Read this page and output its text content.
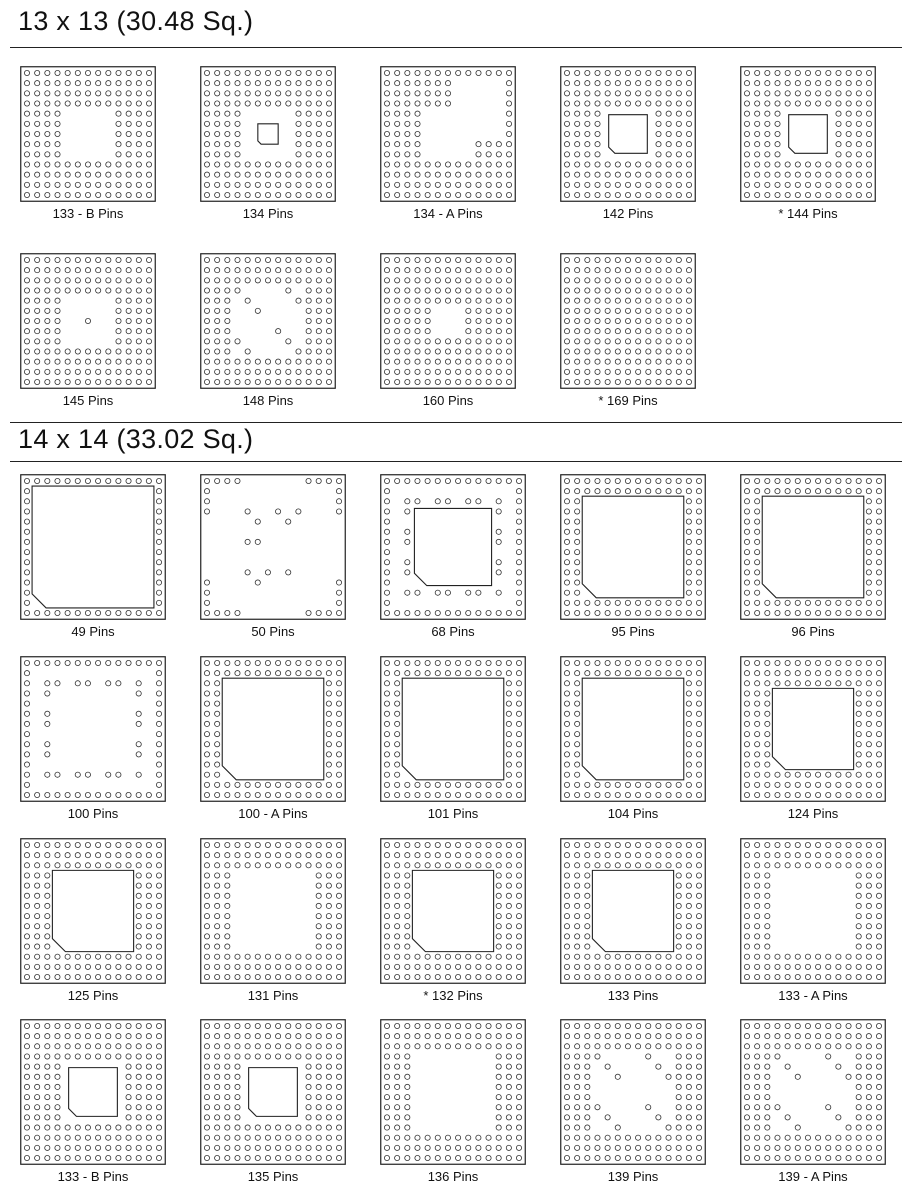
13 x 13 (30.48 Sq.)
14 x 14 (33.02 Sq.)
133 - B Pins	134 Pins	134 - A Pins	142 Pins	* 144 Pins
145 Pins	148 Pins	160 Pins	* 169 Pins
49 Pins	50 Pins	68 Pins	95 Pins	96 Pins
100 Pins	100 - A Pins	101 Pins	104 Pins	124 Pins
125 Pins	131 Pins	* 132 Pins	133 Pins	133 - A Pins
133 - B Pins	135 Pins	136 Pins	139 Pins	139 - A Pins
